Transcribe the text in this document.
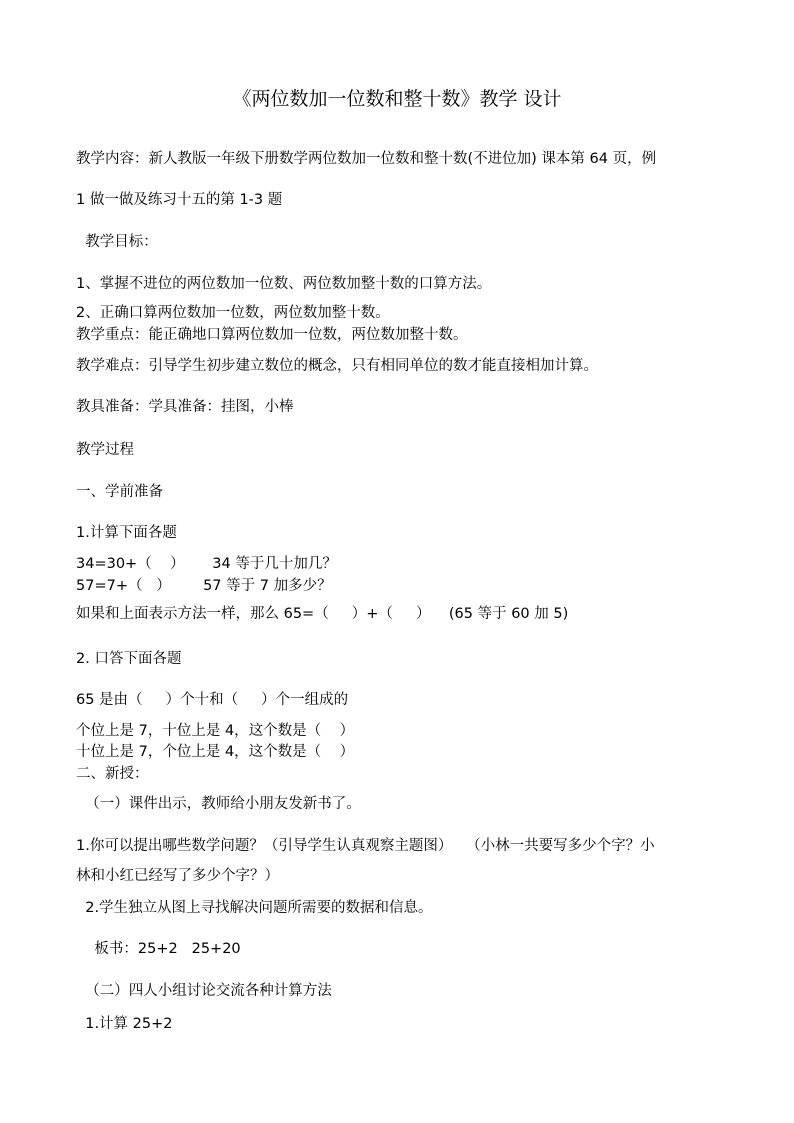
《两位数加一位数和整十数》教学 设计
教学内容：新人教版一年级下册数学两位数加一位数和整十数(不进位加) 课本第 64 页，例
1 做一做及练习十五的第 1-3 题
教学目标：
1、掌握不进位的两位数加一位数、两位数加整十数的口算方法。
2、正确口算两位数加一位数，两位数加整十数。
教学重点：能正确地口算两位数加一位数，两位数加整十数。
教学难点：引导学生初步建立数位的概念，只有相同单位的数才能直接相加计算。
教具准备：学具准备：挂图，小棒
教学过程
一、学前准备
1.计算下面各题
34=30+（    ）      34 等于几十加几？
57=7+（   ）       57 等于 7 加多少？
如果和上面表示方法一样，那么 65=（     ）+（     ）    (65 等于 60 加 5)
2. 口答下面各题
65 是由（     ）个十和（     ）个一组成的
个位上是 7，十位上是 4，这个数是（    ）
十位上是 7，个位上是 4，这个数是（    ）
二、新授：
（一）课件出示，教师给小朋友发新书了。
1.你可以提出哪些数学问题？（引导学生认真观察主题图）   （小林一共要写多少个字？小
林和小红已经写了多少个字？）
2.学生独立从图上寻找解决问题所需要的数据和信息。
板书：25+2   25+20
（二）四人小组讨论交流各种计算方法
1.计算 25+2
